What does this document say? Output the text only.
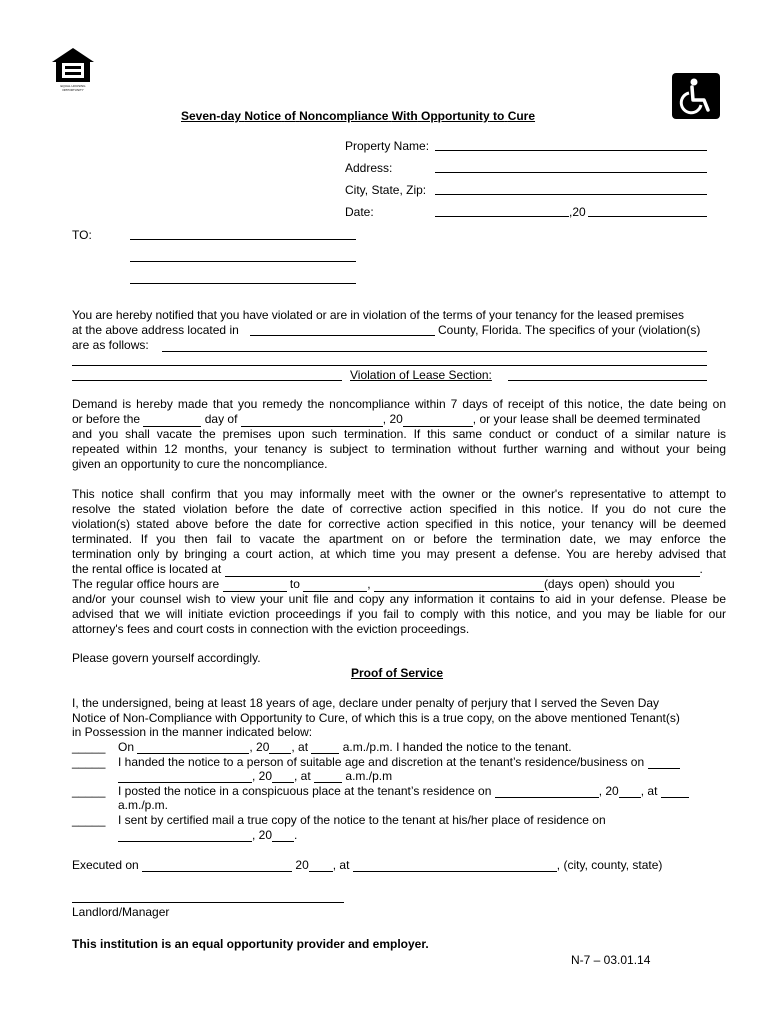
EQUAL HOUSING OPPORTUNITY
Seven-day Notice of Noncompliance With Opportunity to Cure
Property Name:
Address:
City, State, Zip:
Date:	,20
TO:
You are hereby notified that you have violated or are in violation of the terms of your tenancy for the leased premises
at the above address located in	County, Florida. The specifics of your (violation(s)
are as follows:
Violation of Lease Section:
Demand is hereby made that you remedy the noncompliance within 7 days of receipt of this notice, the date being on
or before the	day of	, 20	, or your lease shall be deemed terminated
and you shall vacate the premises upon such termination. If this same conduct or conduct of a similar nature is
repeated within 12 months, your tenancy is subject to termination without further warning and without your being
given an opportunity to cure the noncompliance.
This notice shall confirm that you may informally meet with the owner or the owner's representative to attempt to
resolve the stated violation before the date of corrective action specified in this notice. If you do not cure the
violation(s) stated above before the date for corrective action specified in this notice, your tenancy will be deemed
terminated. If you then fail to vacate the apartment on or before the termination date, we may enforce the
termination only by bringing a court action, at which time you may present a defense. You are hereby advised that
the rental office is located at	.
The regular office hours are	to	,	(days open) should you
and/or your counsel wish to view your unit file and copy any information it contains to aid in your defense. Please be
advised that we will initiate eviction proceedings if you fail to comply with this notice, and you may be liable for our
attorney's fees and court costs in connection with the eviction proceedings.
Please govern yourself accordingly.
Proof of Service
I, the undersigned, being at least 18 years of age, declare under penalty of perjury that I served the Seven Day
Notice of Non-Compliance with Opportunity to Cure, of which this is a true copy, on the above mentioned Tenant(s)
in Possession in the manner indicated below:
_____ On	, 20 , at	a.m./p.m. I handed the notice to the tenant.
_____ I handed the notice to a person of suitable age and discretion at the tenant’s residence/business on
, 20 , at	a.m./p.m
_____ I posted the notice in a conspicuous place at the tenant’s residence on	, 20 , at
a.m./p.m.
_____ I sent by certified mail a true copy of the notice to the tenant at his/her place of residence on
, 20 .
Executed on	20 , at	, (city, county, state)
Landlord/Manager
This institution is an equal opportunity provider and employer.
N-7 – 03.01.14
